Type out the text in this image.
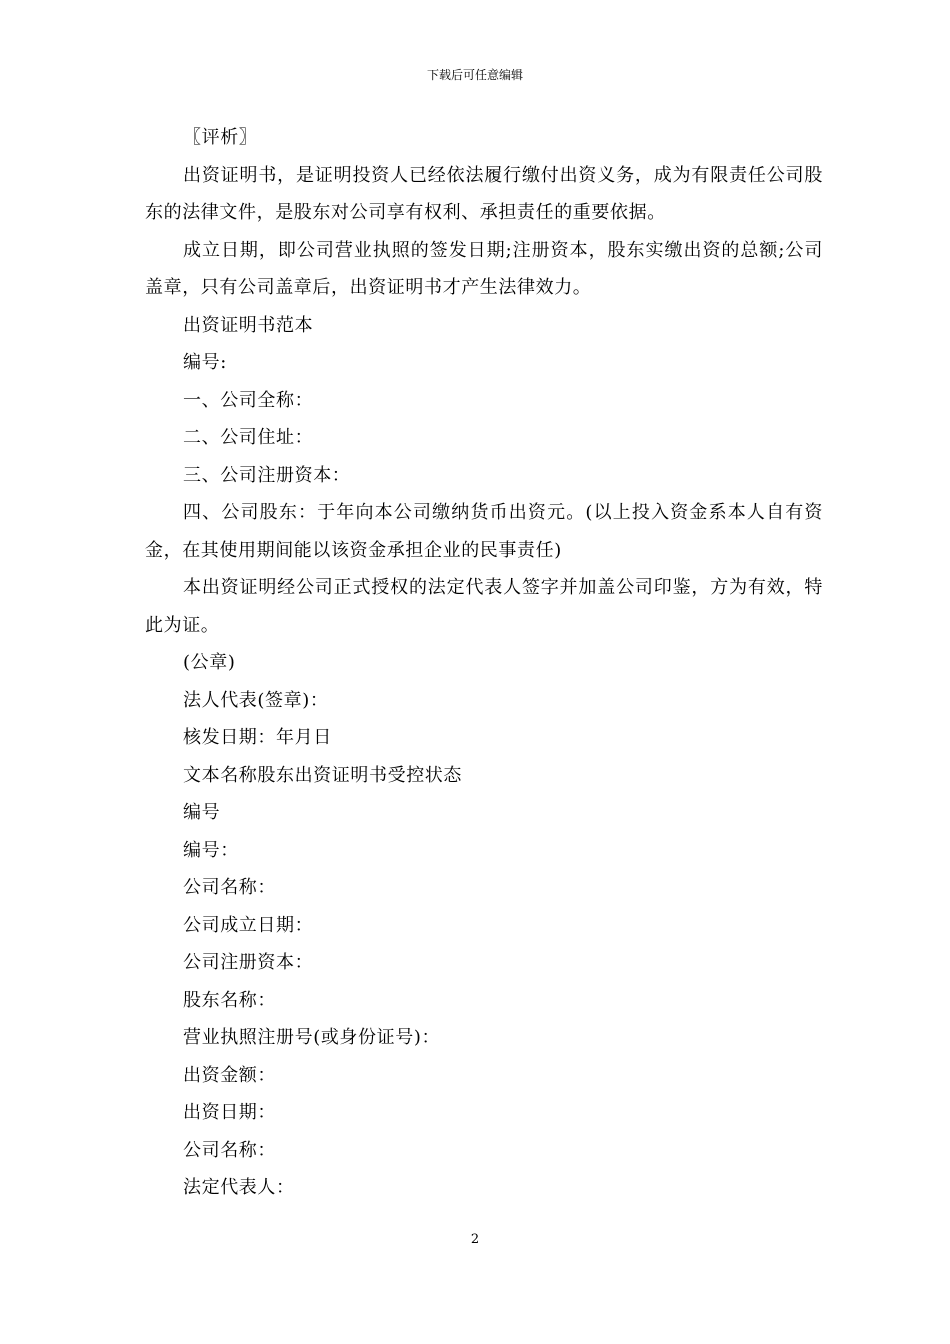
下载后可任意编辑

〖评析〗

出资证明书，是证明投资人已经依法履行缴付出资义务，成为有限责任公司股东的法律文件，是股东对公司享有权利、承担责任的重要依据。

成立日期，即公司营业执照的签发日期;注册资本，股东实缴出资的总额;公司盖章，只有公司盖章后，出资证明书才产生法律效力。

出资证明书范本

编号:

一、公司全称：

二、公司住址：

三、公司注册资本：

四、公司股东：于年向本公司缴纳货币出资元。(以上投入资金系本人自有资金，在其使用期间能以该资金承担企业的民事责任)

本出资证明经公司正式授权的法定代表人签字并加盖公司印鉴，方为有效，特此为证。

(公章)

法人代表(签章)：

核发日期：年月日

文本名称股东出资证明书受控状态

编号

编号：

公司名称：

公司成立日期：

公司注册资本：

股东名称：

营业执照注册号(或身份证号)：

出资金额：

出资日期：

公司名称：

法定代表人：

2
